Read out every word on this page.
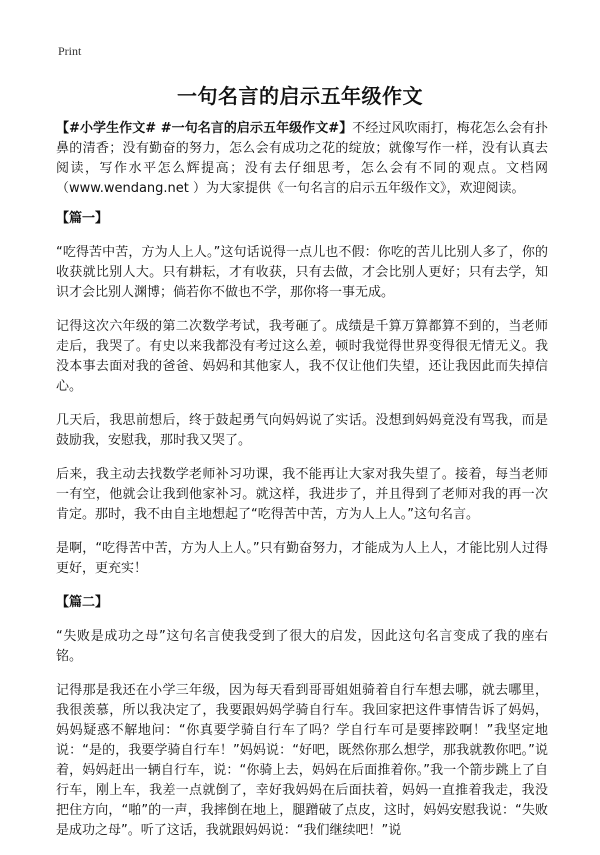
Print
一句名言的启示五年级作文

【#小学生作文# #一句名言的启示五年级作文#】不经过风吹雨打，梅花怎么会有扑鼻的清香；没有勤奋的努力，怎么会有成功之花的绽放；就像写作一样，没有认真去阅读，写作水平怎么辉提高；没有去仔细思考，怎么会有不同的观点。文档网（www.wendang.net ）为大家提供《一句名言的启示五年级作文》，欢迎阅读。

【篇一】

“吃得苦中苦，方为人上人。”这句话说得一点儿也不假：你吃的苦儿比别人多了，你的收获就比别人大。只有耕耘，才有收获，只有去做，才会比别人更好；只有去学，知识才会比别人渊博；倘若你不做也不学，那你将一事无成。

记得这次六年级的第二次数学考试，我考砸了。成绩是千算万算都算不到的，当老师走后，我哭了。有史以来我都没有考过这么差，顿时我觉得世界变得很无情无义。我没本事去面对我的爸爸、妈妈和其他家人，我不仅让他们失望，还让我因此而失掉信心。

几天后，我思前想后，终于鼓起勇气向妈妈说了实话。没想到妈妈竟没有骂我，而是鼓励我，安慰我，那时我又哭了。

后来，我主动去找数学老师补习功课，我不能再让大家对我失望了。接着，每当老师一有空，他就会让我到他家补习。就这样，我进步了，并且得到了老师对我的再一次肯定。那时，我不由自主地想起了“吃得苦中苦，方为人上人。”这句名言。

是啊，“吃得苦中苦，方为人上人。”只有勤奋努力，才能成为人上人，才能比别人过得更好，更充实！

【篇二】

“失败是成功之母”这句名言使我受到了很大的启发，因此这句名言变成了我的座右铭。

记得那是我还在小学三年级，因为每天看到哥哥姐姐骑着自行车想去哪，就去哪里，我很羡慕，所以我决定了，我要跟妈妈学骑自行车。我回家把这件事情告诉了妈妈，妈妈疑惑不解地问：“你真要学骑自行车了吗？学自行车可是要摔跤啊！”我坚定地说：“是的，我要学骑自行车！”妈妈说：“好吧，既然你那么想学，那我就教你吧。”说着，妈妈赶出一辆自行车，说：“你骑上去，妈妈在后面推着你。”我一个箭步跳上了自行车，刚上车，我差一点就倒了，幸好我妈妈在后面扶着，妈妈一直推着我走，我没把住方向，“啪”的一声，我摔倒在地上，腿蹭破了点皮，这时，妈妈安慰我说：“失败是成功之母”。听了这话，我就跟妈妈说：“我们继续吧！”说
